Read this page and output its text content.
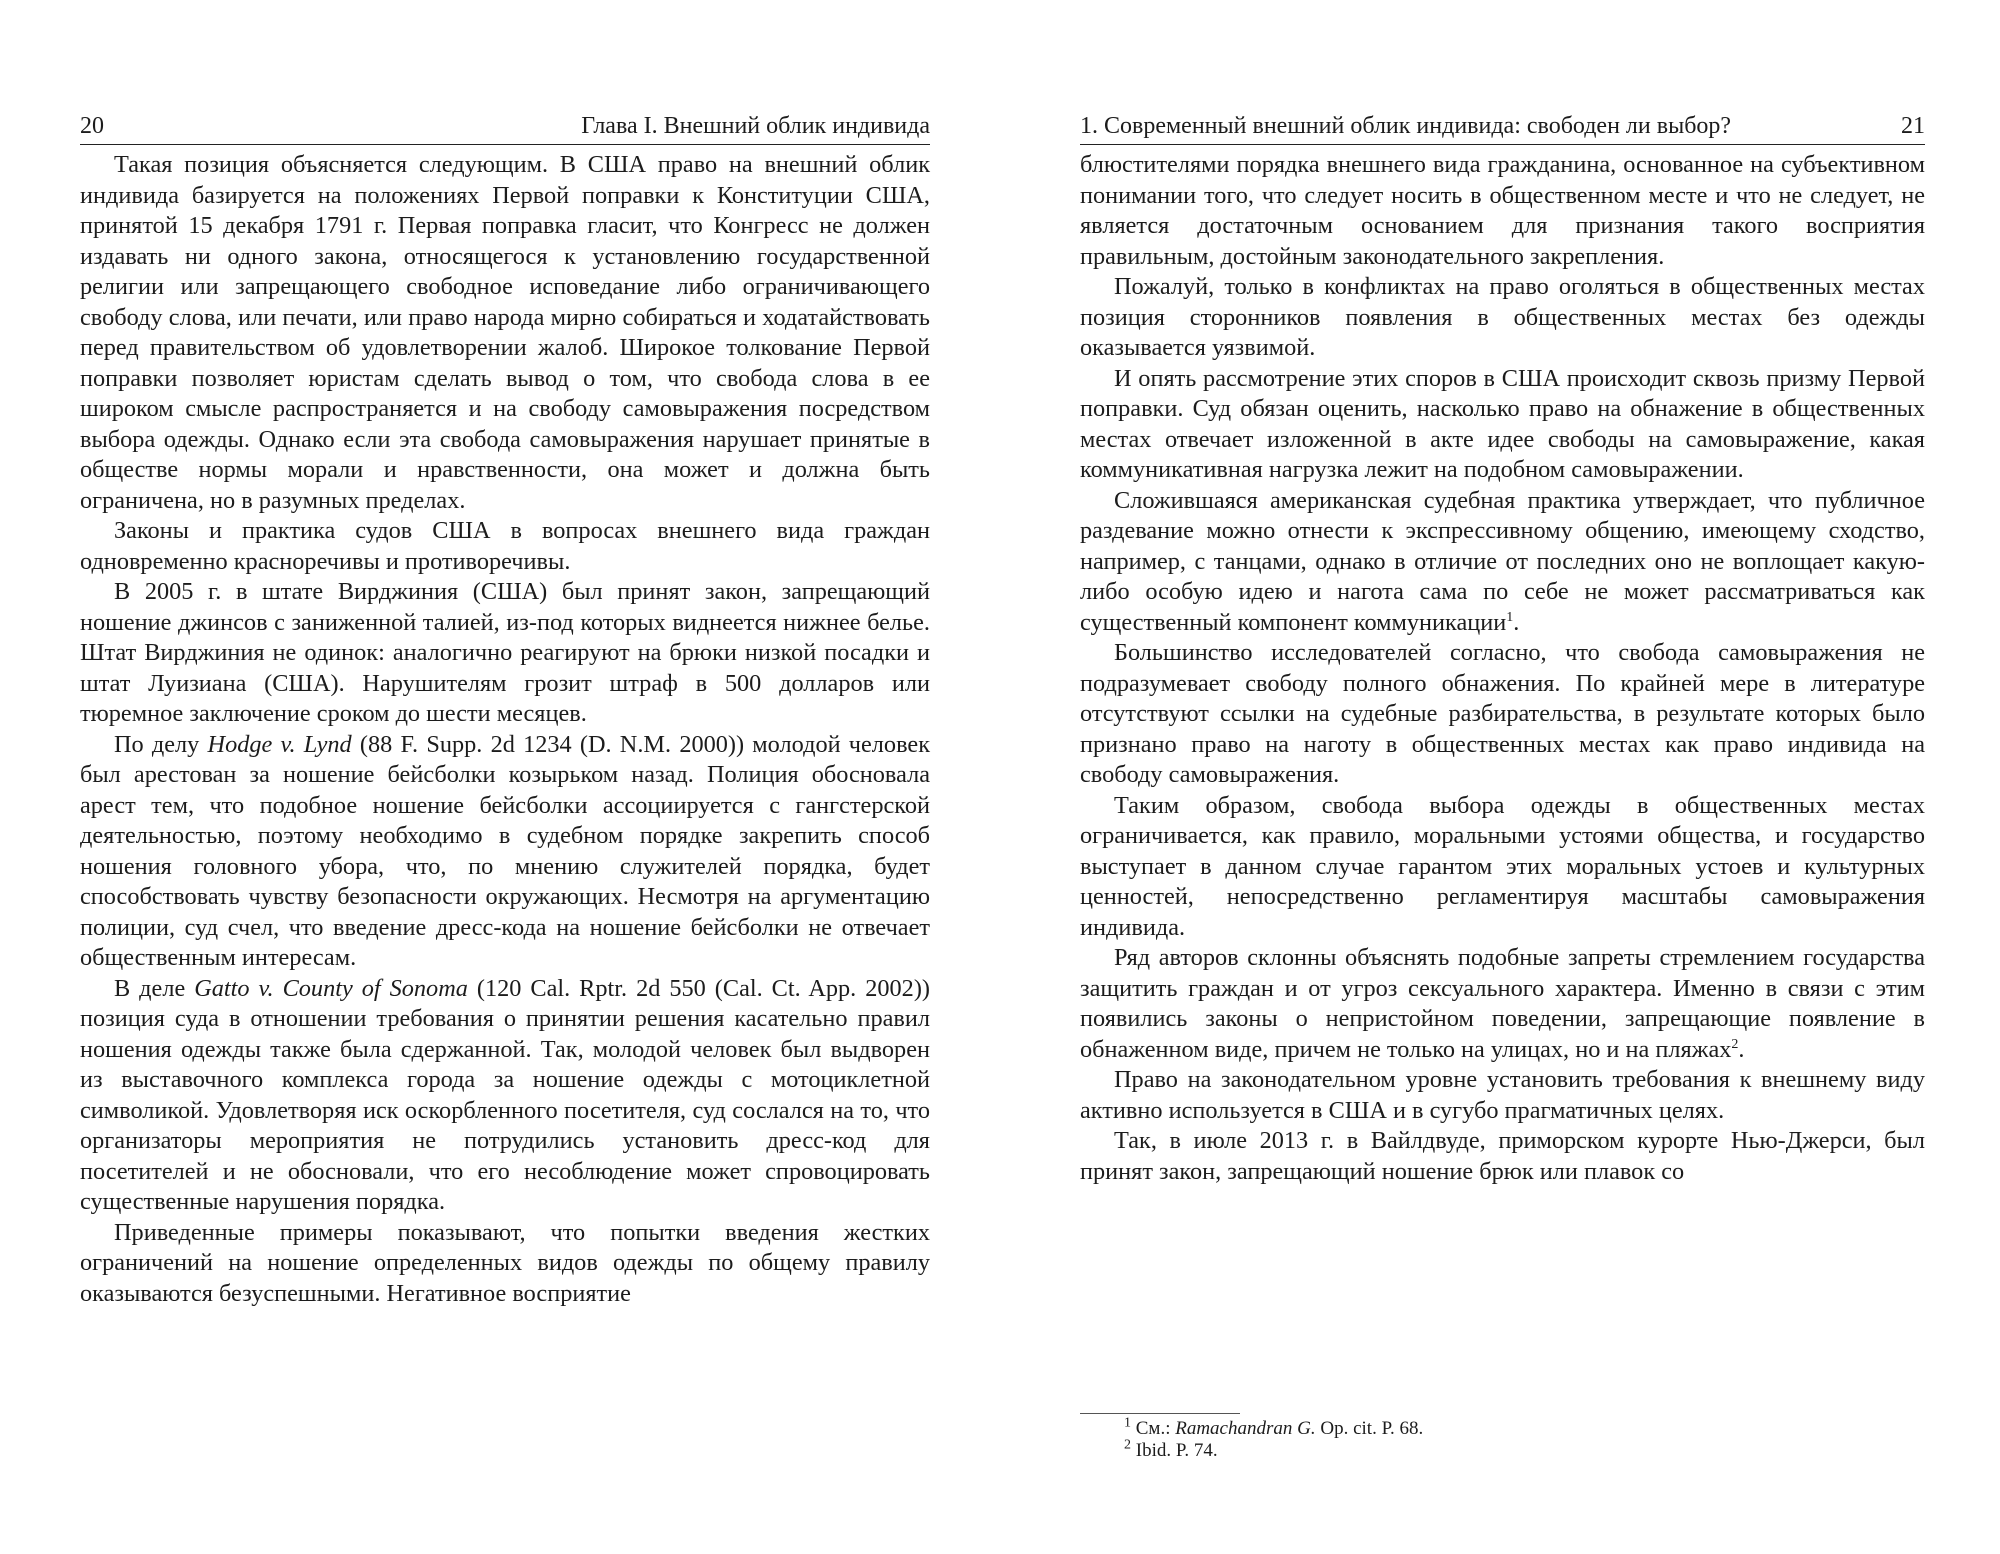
20	Глава I. Внешний облик индивида

Такая позиция объясняется следующим. В США право на внешний облик индивида базируется на положениях Первой поправки к Конституции США, принятой 15 декабря 1791 г. Первая поправка гласит, что Конгресс не должен издавать ни одного закона, относящегося к установлению государственной религии или запрещающего свободное исповедание либо ограничивающего свободу слова, или печати, или право народа мирно собираться и ходатайствовать перед правительством об удовлетворении жалоб. Широкое толкование Первой поправки позволяет юристам сделать вывод о том, что свобода слова в ее широком смысле распространяется и на свободу самовыражения посредством выбора одежды. Однако если эта свобода самовыражения нарушает принятые в обществе нормы морали и нравственности, она может и должна быть ограничена, но в разумных пределах.

Законы и практика судов США в вопросах внешнего вида граждан одновременно красноречивы и противоречивы.

В 2005 г. в штате Вирджиния (США) был принят закон, запрещающий ношение джинсов с заниженной талией, из-под которых виднеется нижнее белье. Штат Вирджиния не одинок: аналогично реагируют на брюки низкой посадки и штат Луизиана (США). Нарушителям грозит штраф в 500 долларов или тюремное заключение сроком до шести месяцев.

По делу Hodge v. Lynd (88 F. Supp. 2d 1234 (D. N.M. 2000)) молодой человек был арестован за ношение бейсболки козырьком назад. Полиция обосновала арест тем, что подобное ношение бейсболки ассоциируется с гангстерской деятельностью, поэтому необходимо в судебном порядке закрепить способ ношения головного убора, что, по мнению служителей порядка, будет способствовать чувству безопасности окружающих. Несмотря на аргументацию полиции, суд счел, что введение дресс-кода на ношение бейсболки не отвечает общественным интересам.

В деле Gatto v. County of Sonoma (120 Cal. Rptr. 2d 550 (Cal. Ct. App. 2002)) позиция суда в отношении требования о принятии решения касательно правил ношения одежды также была сдержанной. Так, молодой человек был выдворен из выставочного комплекса города за ношение одежды с мотоциклетной символикой. Удовлетворяя иск оскорбленного посетителя, суд сослался на то, что организаторы мероприятия не потрудились установить дресс-код для посетителей и не обосновали, что его несоблюдение может спровоцировать существенные нарушения порядка.

Приведенные примеры показывают, что попытки введения жестких ограничений на ношение определенных видов одежды по общему правилу оказываются безуспешными. Негативное восприятие

1. Современный внешний облик индивида: свободен ли выбор?	21

блюстителями порядка внешнего вида гражданина, основанное на субъективном понимании того, что следует носить в общественном месте и что не следует, не является достаточным основанием для признания такого восприятия правильным, достойным законодательного закрепления.

Пожалуй, только в конфликтах на право оголяться в общественных местах позиция сторонников появления в общественных местах без одежды оказывается уязвимой.

И опять рассмотрение этих споров в США происходит сквозь призму Первой поправки. Суд обязан оценить, насколько право на обнажение в общественных местах отвечает изложенной в акте идее свободы на самовыражение, какая коммуникативная нагрузка лежит на подобном самовыражении.

Сложившаяся американская судебная практика утверждает, что публичное раздевание можно отнести к экспрессивному общению, имеющему сходство, например, с танцами, однако в отличие от последних оно не воплощает какую-либо особую идею и нагота сама по себе не может рассматриваться как существенный компонент коммуникации$^1$.

Большинство исследователей согласно, что свобода самовыражения не подразумевает свободу полного обнажения. По крайней мере в литературе отсутствуют ссылки на судебные разбирательства, в результате которых было признано право на наготу в общественных местах как право индивида на свободу самовыражения.

Таким образом, свобода выбора одежды в общественных местах ограничивается, как правило, моральными устоями общества, и государство выступает в данном случае гарантом этих моральных устоев и культурных ценностей, непосредственно регламентируя масштабы самовыражения индивида.

Ряд авторов склонны объяснять подобные запреты стремлением государства защитить граждан и от угроз сексуального характера. Именно в связи с этим появились законы о непристойном поведении, запрещающие появление в обнаженном виде, причем не только на улицах, но и на пляжах$^2$.

Право на законодательном уровне установить требования к внешнему виду активно используется в США и в сугубо прагматичных целях.

Так, в июле 2013 г. в Вайлдвуде, приморском курорте Нью-Джерси, был принят закон, запрещающий ношение брюк или плавок со

$^1$ См.: Ramachandran G. Op. cit. P. 68.

$^2$ Ibid. P. 74.
